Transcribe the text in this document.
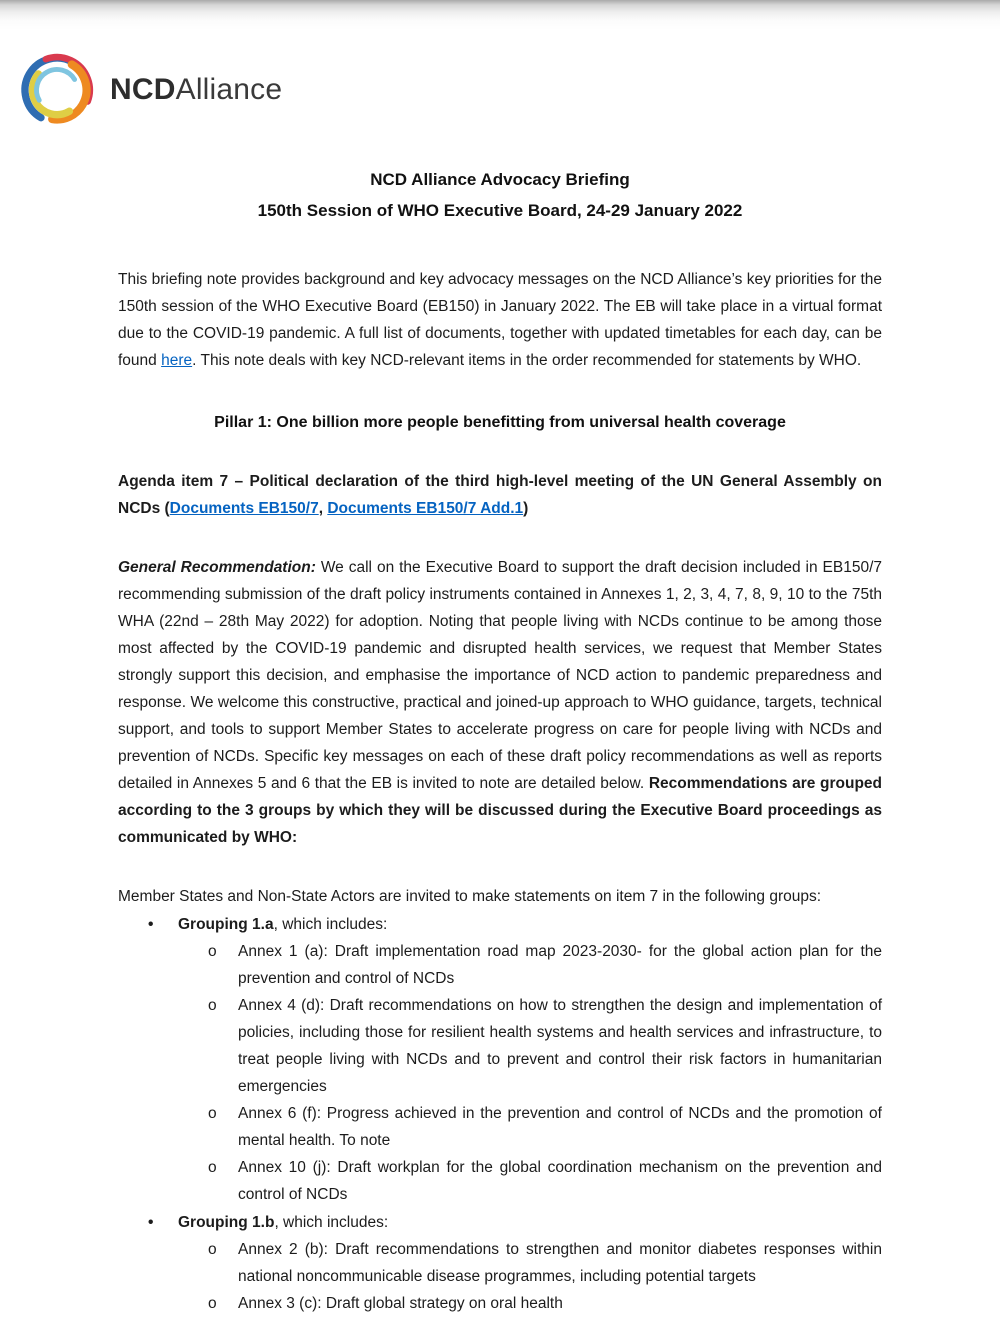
NCDAlliance
NCD Alliance Advocacy Briefing
150th Session of WHO Executive Board, 24-29 January 2022

This briefing note provides background and key advocacy messages on the NCD Alliance’s key priorities for the 150th session of the WHO Executive Board (EB150) in January 2022. The EB will take place in a virtual format due to the COVID-19 pandemic. A full list of documents, together with updated timetables for each day, can be found here. This note deals with key NCD-relevant items in the order recommended for statements by WHO.

Pillar 1: One billion more people benefitting from universal health coverage

Agenda item 7 – Political declaration of the third high-level meeting of the UN General Assembly on NCDs (Documents EB150/7, Documents EB150/7 Add.1)

General Recommendation: We call on the Executive Board to support the draft decision included in EB150/7 recommending submission of the draft policy instruments contained in Annexes 1, 2, 3, 4, 7, 8, 9, 10 to the 75th WHA (22nd – 28th May 2022) for adoption. Noting that people living with NCDs continue to be among those most affected by the COVID-19 pandemic and disrupted health services, we request that Member States strongly support this decision, and emphasise the importance of NCD action to pandemic preparedness and response. We welcome this constructive, practical and joined-up approach to WHO guidance, targets, technical support, and tools to support Member States to accelerate progress on care for people living with NCDs and prevention of NCDs. Specific key messages on each of these draft policy recommendations as well as reports detailed in Annexes 5 and 6 that the EB is invited to note are detailed below. Recommendations are grouped according to the 3 groups by which they will be discussed during the Executive Board proceedings as communicated by WHO:

Member States and Non-State Actors are invited to make statements on item 7 in the following groups:

•	Grouping 1.a, which includes:
o	Annex 1 (a): Draft implementation road map 2023-2030- for the global action plan for the prevention and control of NCDs
o	Annex 4 (d): Draft recommendations on how to strengthen the design and implementation of policies, including those for resilient health systems and health services and infrastructure, to treat people living with NCDs and to prevent and control their risk factors in humanitarian emergencies
o	Annex 6 (f): Progress achieved in the prevention and control of NCDs and the promotion of mental health. To note
o	Annex 10 (j): Draft workplan for the global coordination mechanism on the prevention and control of NCDs
•	Grouping 1.b, which includes:
o	Annex 2 (b): Draft recommendations to strengthen and monitor diabetes responses within national noncommunicable disease programmes, including potential targets
o	Annex 3 (c): Draft global strategy on oral health
